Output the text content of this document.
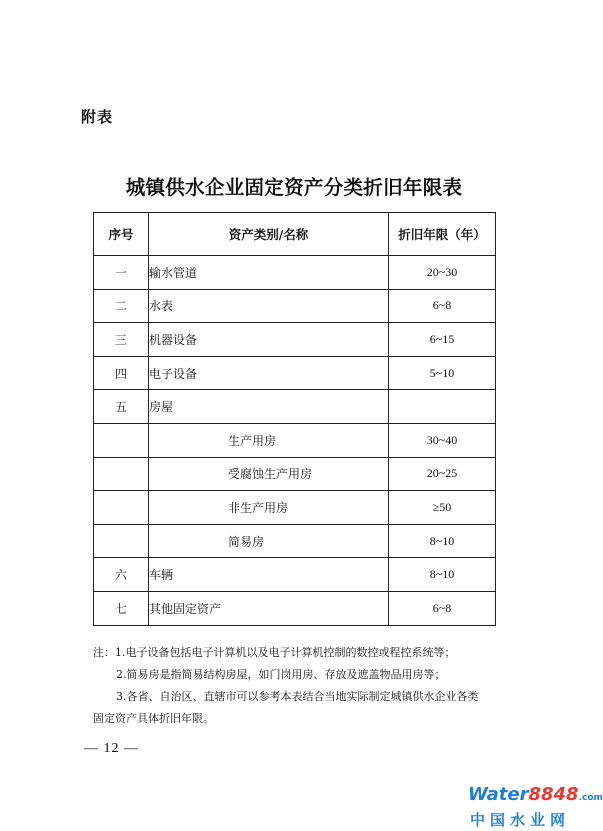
附表
城镇供水企业固定资产分类折旧年限表
序号	资产类别/名称	折旧年限（年）
一	输水管道	20~30
二	水表	6~8
三	机器设备	6~15
四	电子设备	5~10
五	房屋	
	生产用房	30~40
	受腐蚀生产用房	20~25
	非生产用房	≥50
	简易房	8~10
六	车辆	8~10
七	其他固定资产	6~8

注：1.电子设备包括电子计算机以及电子计算机控制的数控或程控系统等；

2.简易房是指简易结构房屋，如门岗用房、存放及遮盖物品用房等；

3.各省、自治区、直辖市可以参考本表结合当地实际制定城镇供水企业各类

固定资产具体折旧年限。

— 12 —
Water8848.com
中国水业网
